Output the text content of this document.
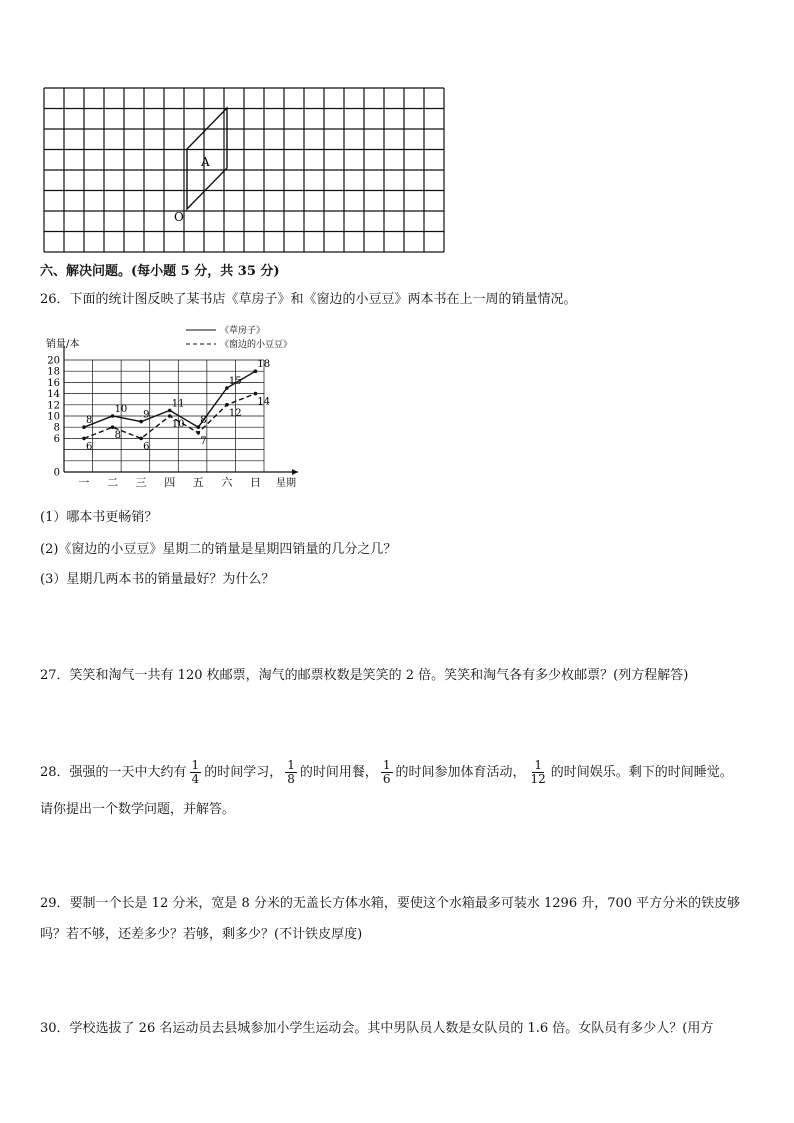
A
O
六、解决问题。(每小题 5 分，共 35 分)
26．下面的统计图反映了某书店《草房子》和《窗边的小豆豆》两本书在上一周的销量情况。
销量/本
星期
《草房子》
《窗边的小豆豆》
0
6
8
10
12
14
16
18
20
一 二 三 四 五 六 日
8
10
9
11
8
15
18
6
8
6
10
7
12
14
(1）哪本书更畅销？
(2)《窗边的小豆豆》星期二的销量是星期四销量的几分之几？
(3）星期几两本书的销量最好？为什么？
27．笑笑和淘气一共有 120 枚邮票，淘气的邮票枚数是笑笑的 2 倍。笑笑和淘气各有多少枚邮票？(列方程解答)
28．强强的一天中大约有 $\frac{1}{4}$ 的时间学习， $\frac{1}{8}$ 的时间用餐， $\frac{1}{6}$ 的时间参加体育活动， $\frac{1}{12}$ 的时间娱乐。剩下的时间睡觉。
请你提出一个数学问题，并解答。
29．要制一个长是 12 分米，宽是 8 分米的无盖长方体水箱，要使这个水箱最多可装水 1296 升，700 平方分米的铁皮够
吗？若不够，还差多少？若够，剩多少？(不计铁皮厚度)
30．学校选拔了 26 名运动员去县城参加小学生运动会。其中男队员人数是女队员的 1.6 倍。女队员有多少人？(用方
